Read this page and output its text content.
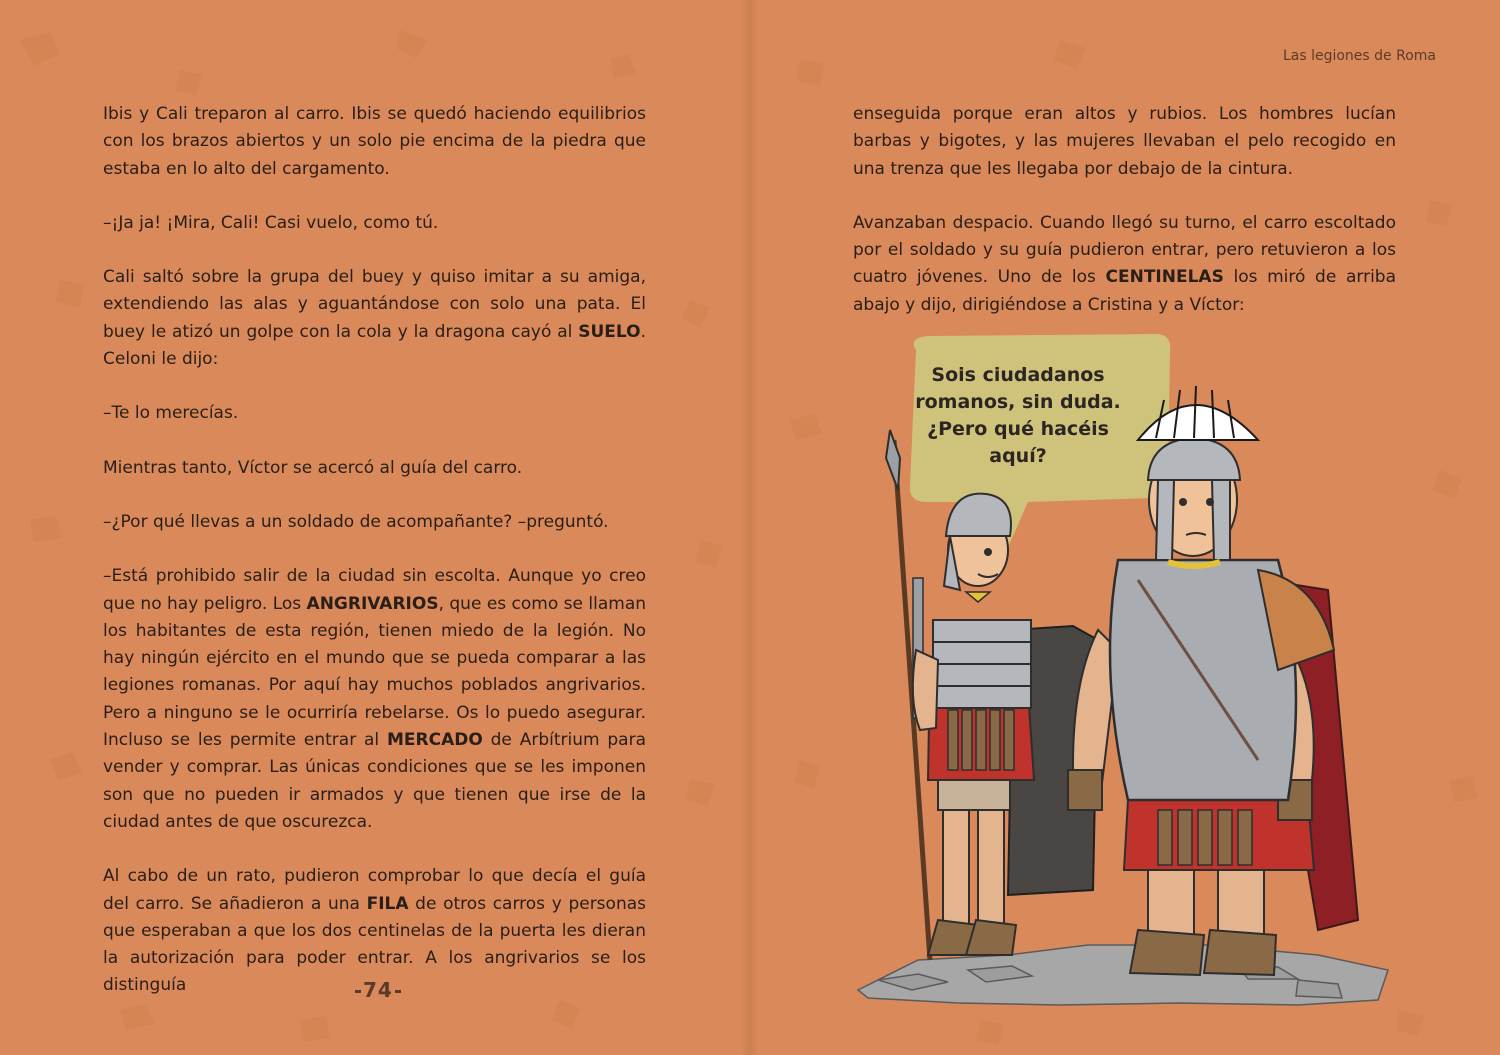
Las legiones de Roma

Ibis y Cali treparon al carro. Ibis se quedó haciendo equilibrios con los brazos abiertos y un solo pie encima de la piedra que estaba en lo alto del cargamento.

–¡Ja ja! ¡Mira, Cali! Casi vuelo, como tú.

Cali saltó sobre la grupa del buey y quiso imitar a su amiga, extendiendo las alas y aguantándose con solo una pata. El buey le atizó un golpe con la cola y la dragona cayó al SUELO. Celoni le dijo:

–Te lo merecías.

Mientras tanto, Víctor se acercó al guía del carro.

–¿Por qué llevas a un soldado de acompañante? –preguntó.

–Está prohibido salir de la ciudad sin escolta. Aunque yo creo que no hay peligro. Los ANGRIVARIOS, que es como se llaman los habitantes de esta región, tienen miedo de la legión. No hay ningún ejército en el mundo que se pueda comparar a las legiones romanas. Por aquí hay muchos poblados angrivarios. Pero a ninguno se le ocurriría rebelarse. Os lo puedo asegurar. Incluso se les permite entrar al MERCADO de Arbítrium para vender y comprar. Las únicas condiciones que se les imponen son que no pueden ir armados y que tienen que irse de la ciudad antes de que oscurezca.

Al cabo de un rato, pudieron comprobar lo que decía el guía del carro. Se añadieron a una FILA de otros carros y personas que esperaban a que los dos centinelas de la puerta les dieran la autorización para poder entrar. A los angrivarios se los distinguía	74

enseguida porque eran altos y rubios. Los hombres lucían barbas y bigotes, y las mujeres llevaban el pelo recogido en una trenza que les llegaba por debajo de la cintura.

Avanzaban despacio. Cuando llegó su turno, el carro escoltado por el soldado y su guía pudieron entrar, pero retuvieron a los cuatro jóvenes. Uno de los CENTINELAS los miró de arriba abajo y dijo, dirigiéndose a Cristina y a Víctor:

Sois ciudadanos
romanos, sin duda.
¿Pero qué hacéis
aquí?
